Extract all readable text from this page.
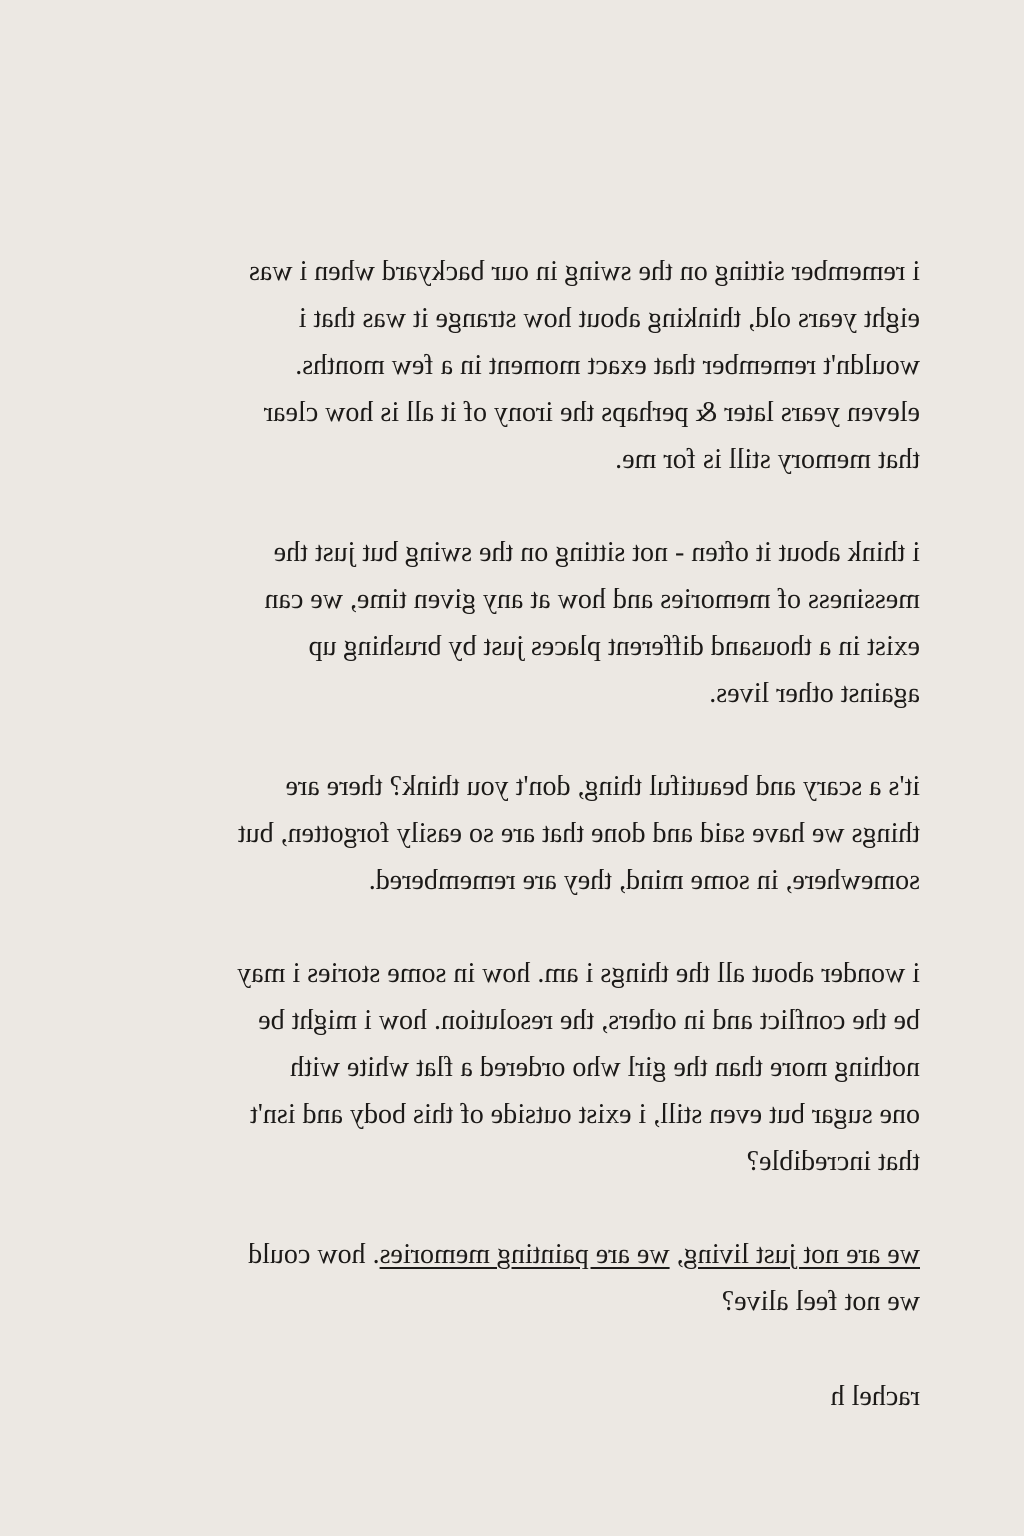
i remember sitting on the swing in our backyard when i was
eight years old, thinking about how strange it was that i
wouldn't remember that exact moment in a few months.
eleven years later & perhaps the irony of it all is how clear
that memory still is for me.
i think about it often - not sitting on the swing but just the
messiness of memories and how at any given time, we can
exist in a thousand different places just by brushing up
against other lives.
it's a scary and beautiful thing, don't you think? there are
things we have said and done that are so easily forgotten, but
somewhere, in some mind, they are remembered.
i wonder about all the things i am. how in some stories i may
be the conflict and in others, the resolution. how i might be
nothing more than the girl who ordered a flat white with
one sugar but even still, i exist outside of this body and isn't
that incredible?
we are not just living, we are painting memories. how could
we not feel alive?
rachel h
